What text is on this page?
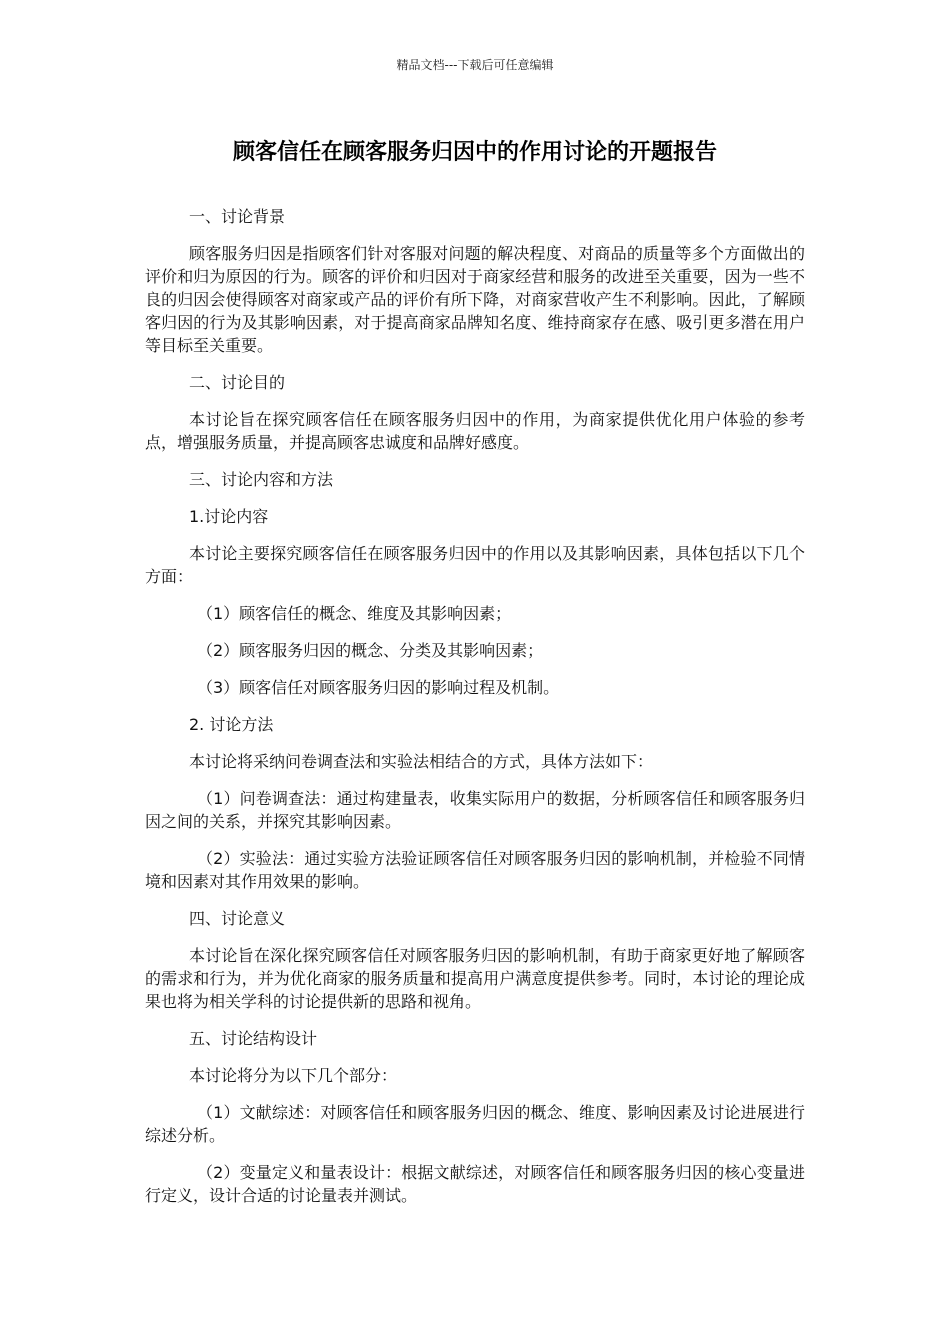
精品文档---下载后可任意编辑
顾客信任在顾客服务归因中的作用讨论的开题报告

一、讨论背景

顾客服务归因是指顾客们针对客服对问题的解决程度、对商品的质量等多个方面做出的评价和归为原因的行为。顾客的评价和归因对于商家经营和服务的改进至关重要，因为一些不良的归因会使得顾客对商家或产品的评价有所下降，对商家营收产生不利影响。因此，了解顾客归因的行为及其影响因素，对于提高商家品牌知名度、维持商家存在感、吸引更多潜在用户等目标至关重要。

二、讨论目的

本讨论旨在探究顾客信任在顾客服务归因中的作用，为商家提供优化用户体验的参考点，增强服务质量，并提高顾客忠诚度和品牌好感度。

三、讨论内容和方法

1.讨论内容

本讨论主要探究顾客信任在顾客服务归因中的作用以及其影响因素，具体包括以下几个方面：

（1）顾客信任的概念、维度及其影响因素；

（2）顾客服务归因的概念、分类及其影响因素；

（3）顾客信任对顾客服务归因的影响过程及机制。

2. 讨论方法

本讨论将采纳问卷调查法和实验法相结合的方式，具体方法如下：

（1）问卷调查法：通过构建量表，收集实际用户的数据，分析顾客信任和顾客服务归因之间的关系，并探究其影响因素。

（2）实验法：通过实验方法验证顾客信任对顾客服务归因的影响机制，并检验不同情境和因素对其作用效果的影响。

四、讨论意义

本讨论旨在深化探究顾客信任对顾客服务归因的影响机制，有助于商家更好地了解顾客的需求和行为，并为优化商家的服务质量和提高用户满意度提供参考。同时，本讨论的理论成果也将为相关学科的讨论提供新的思路和视角。

五、讨论结构设计

本讨论将分为以下几个部分：

（1）文献综述：对顾客信任和顾客服务归因的概念、维度、影响因素及讨论进展进行综述分析。

（2）变量定义和量表设计：根据文献综述，对顾客信任和顾客服务归因的核心变量进行定义，设计合适的讨论量表并测试。
